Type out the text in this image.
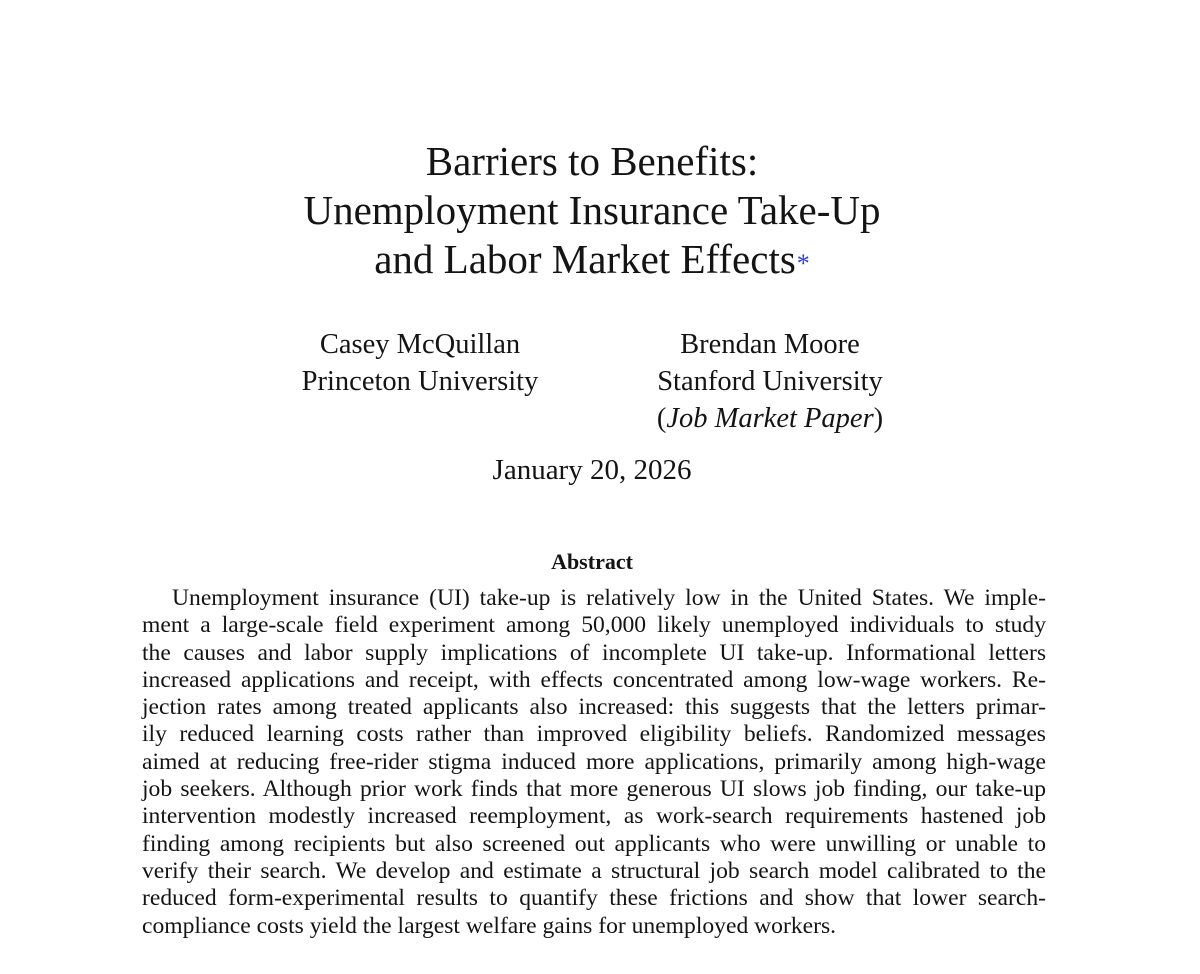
Barriers to Benefits:
Unemployment Insurance Take-Up
and Labor Market Effects*
Casey McQuillan
Princeton University
Brendan Moore
Stanford University
(Job Market Paper)
January 20, 2026
Abstract
Unemployment insurance (UI) take-up is relatively low in the United States. We imple-
ment a large-scale field experiment among 50,000 likely unemployed individuals to study
the causes and labor supply implications of incomplete UI take-up. Informational letters
increased applications and receipt, with effects concentrated among low-wage workers. Re-
jection rates among treated applicants also increased: this suggests that the letters primar-
ily reduced learning costs rather than improved eligibility beliefs. Randomized messages
aimed at reducing free-rider stigma induced more applications, primarily among high-wage
job seekers. Although prior work finds that more generous UI slows job finding, our take-up
intervention modestly increased reemployment, as work-search requirements hastened job
finding among recipients but also screened out applicants who were unwilling or unable to
verify their search. We develop and estimate a structural job search model calibrated to the
reduced form-experimental results to quantify these frictions and show that lower search-
compliance costs yield the largest welfare gains for unemployed workers.
